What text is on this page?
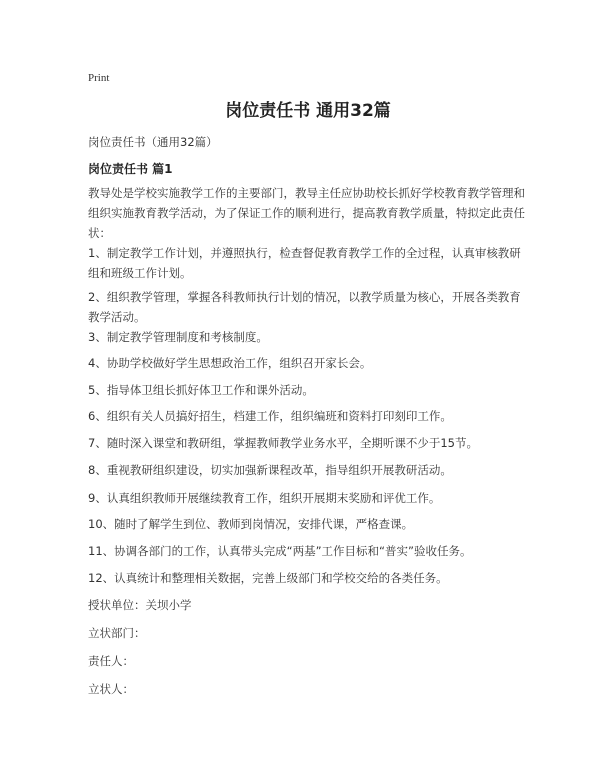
Print
岗位责任书 通用32篇
岗位责任书（通用32篇）
岗位责任书 篇1

教导处是学校实施教学工作的主要部门，教导主任应协助校长抓好学校教育教学管理和组织实施教育教学活动，为了保证工作的顺利进行，提高教育教学质量，特拟定此责任状：

1、制定教学工作计划，并遵照执行，检查督促教育教学工作的全过程，认真审核教研组和班级工作计划。

2、组织教学管理，掌握各科教师执行计划的情况，以教学质量为核心，开展各类教育教学活动。

3、制定教学管理制度和考核制度。

4、协助学校做好学生思想政治工作，组织召开家长会。

5、指导体卫组长抓好体卫工作和课外活动。

6、组织有关人员搞好招生，档建工作，组织编班和资料打印刻印工作。

7、随时深入课堂和教研组，掌握教师教学业务水平，全期听课不少于15节。

8、重视教研组织建设，切实加强新课程改革，指导组织开展教研活动。

9、认真组织教师开展继续教育工作，组织开展期末奖励和评优工作。

10、随时了解学生到位、教师到岗情况，安排代课，严格查课。

11、协调各部门的工作，认真带头完成“两基”工作目标和“普实”验收任务。

12、认真统计和整理相关数据，完善上级部门和学校交给的各类任务。

授状单位：关坝小学

立状部门：

责任人：

立状人：
